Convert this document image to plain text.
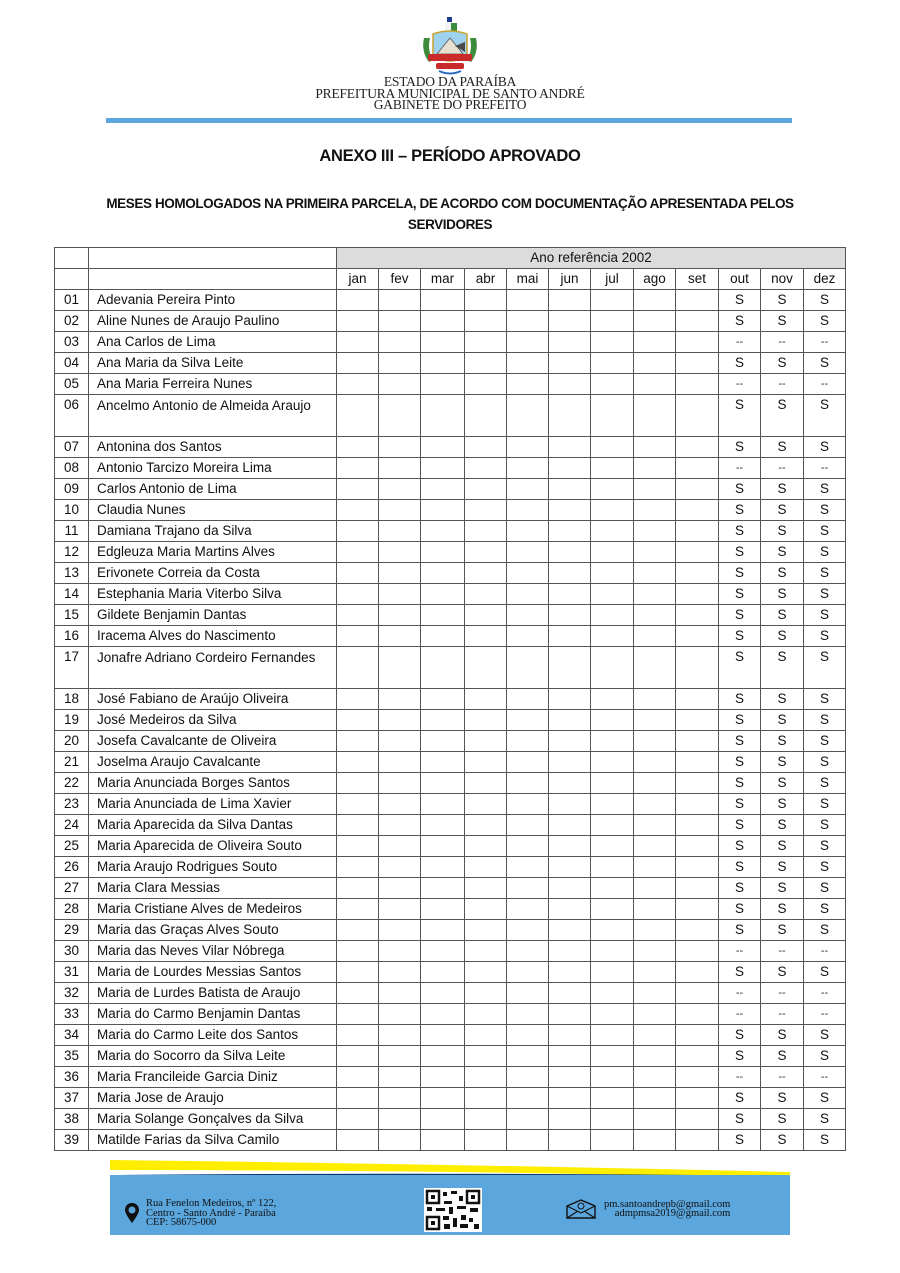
ESTADO DA PARAÍBA
PREFEITURA MUNICIPAL DE SANTO ANDRÉ
GABINETE DO PREFEITO
ANEXO III – PERÍODO APROVADO
MESES HOMOLOGADOS NA PRIMEIRA PARCELA, DE ACORDO COM DOCUMENTAÇÃO APRESENTADA PELOS SERVIDORES
		Ano referência 2002											
		jan	fev	mar	abr	mai	jun	jul	ago	set	out	nov	dez
01	Adevania Pereira Pinto										S	S	S
02	Aline Nunes de Araujo Paulino										S	S	S
03	Ana Carlos de Lima										--	--	--
04	Ana Maria da Silva Leite										S	S	S
05	Ana Maria Ferreira Nunes										--	--	--
06	Ancelmo Antonio de Almeida Araujo										S	S	S
07	Antonina dos Santos										S	S	S
08	Antonio Tarcizo Moreira Lima										--	--	--
09	Carlos Antonio de Lima										S	S	S
10	Claudia Nunes										S	S	S
11	Damiana Trajano da Silva										S	S	S
12	Edgleuza Maria Martins Alves										S	S	S
13	Erivonete Correia da Costa										S	S	S
14	Estephania Maria Viterbo Silva										S	S	S
15	Gildete Benjamin Dantas										S	S	S
16	Iracema Alves do Nascimento										S	S	S
17	Jonafre Adriano Cordeiro Fernandes										S	S	S
18	José Fabiano de Araújo Oliveira										S	S	S
19	José Medeiros da Silva										S	S	S
20	Josefa Cavalcante de Oliveira										S	S	S
21	Joselma Araujo Cavalcante										S	S	S
22	Maria Anunciada Borges Santos										S	S	S
23	Maria Anunciada de Lima Xavier										S	S	S
24	Maria Aparecida da Silva Dantas										S	S	S
25	Maria Aparecida de Oliveira Souto										S	S	S
26	Maria Araujo Rodrigues Souto										S	S	S
27	Maria Clara Messias										S	S	S
28	Maria Cristiane Alves de Medeiros										S	S	S
29	Maria das Graças Alves Souto										S	S	S
30	Maria das Neves Vilar Nóbrega										--	--	--
31	Maria de Lourdes Messias Santos										S	S	S
32	Maria de Lurdes Batista de Araujo										--	--	--
33	Maria do Carmo Benjamin Dantas										--	--	--
34	Maria do Carmo Leite dos Santos										S	S	S
35	Maria do Socorro da Silva Leite										S	S	S
36	Maria Francileide Garcia Diniz										--	--	--
37	Maria Jose de Araujo										S	S	S
38	Maria Solange Gonçalves da Silva										S	S	S
39	Matilde Farias da Silva Camilo										S	S	S
Rua Fenelon Medeiros, nº 122,
Centro - Santo André - Paraíba
CEP: 58675-000
pm.santoandrepb@gmail.com
admpmsa2019@gmail.com
